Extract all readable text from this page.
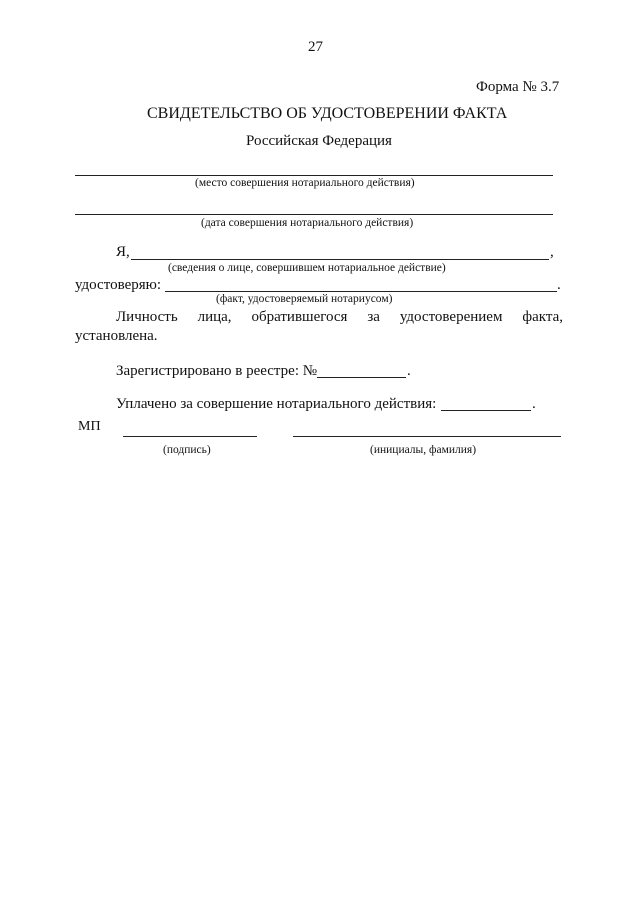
27
Форма № 3.7
СВИДЕТЕЛЬСТВО ОБ УДОСТОВЕРЕНИИ ФАКТА
Российская Федерация
(место совершения нотариального действия)
(дата совершения нотариального действия)
Я,	,
(сведения о лице, совершившем нотариальное действие)
удостоверяю:	.
(факт, удостоверяемый нотариусом)
Личность лица, обратившегося за удостоверением факта,
установлена.
Зарегистрировано в реестре: №	.
Уплачено за совершение нотариального действия:	.
МП
(подпись)	(инициалы, фамилия)
